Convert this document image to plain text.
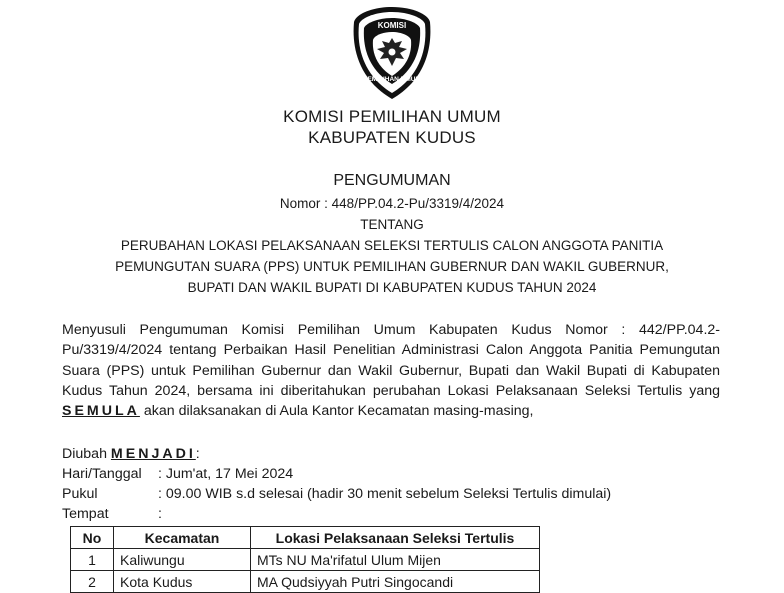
KOMISI
PEMILIHAN UMUM
KOMISI PEMILIHAN UMUM
KABUPATEN KUDUS
PENGUMUMAN
Nomor : 448/PP.04.2-Pu/3319/4/2024
TENTANG
PERUBAHAN LOKASI PELAKSANAAN SELEKSI TERTULIS CALON ANGGOTA PANITIA
PEMUNGUTAN SUARA (PPS) UNTUK PEMILIHAN GUBERNUR DAN WAKIL GUBERNUR,
BUPATI DAN WAKIL BUPATI DI KABUPATEN KUDUS TAHUN 2024
Menyusuli Pengumuman Komisi Pemilihan Umum Kabupaten Kudus Nomor : 442/PP.04.2-Pu/3319/4/2024 tentang Perbaikan Hasil Penelitian Administrasi Calon Anggota Panitia Pemungutan Suara (PPS) untuk Pemilihan Gubernur dan Wakil Gubernur, Bupati dan Wakil Bupati di Kabupaten Kudus Tahun 2024, bersama ini diberitahukan perubahan Lokasi Pelaksanaan Seleksi Tertulis yang SEMULA akan dilaksanakan di Aula Kantor Kecamatan masing-masing,
Diubah MENJADI:
Hari/Tanggal : Jum'at, 17 Mei 2024
Pukul	: 09.00 WIB s.d selesai (hadir 30 menit sebelum Seleksi Tertulis dimulai)
Tempat	:
No	Kecamatan	Lokasi Pelaksanaan Seleksi Tertulis
1	Kaliwungu	MTs NU Ma'rifatul Ulum Mijen
2	Kota Kudus	MA Qudsiyyah Putri Singocandi
